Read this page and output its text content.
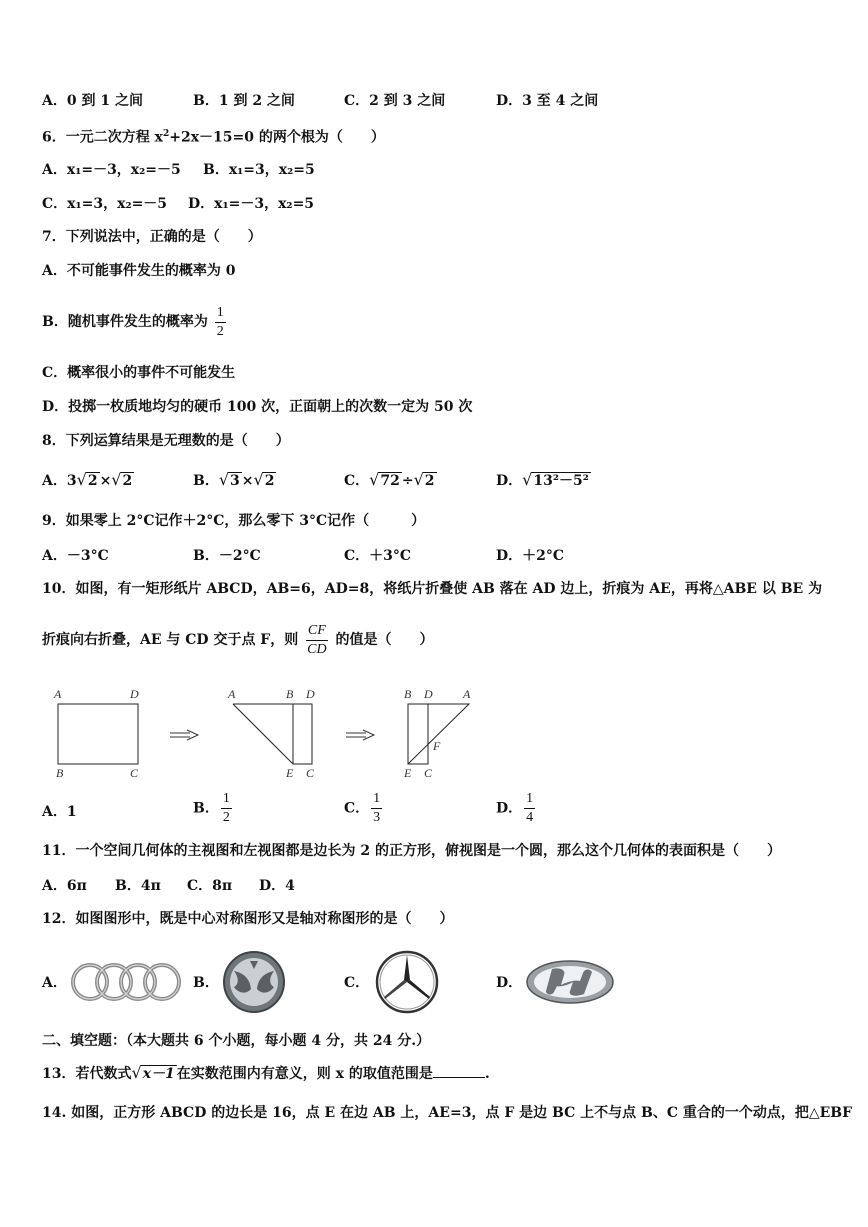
A．0 到 1 之间	B．1 到 2 之间	C．2 到 3 之间	D．3 至 4 之间
6．一元二次方程 $x^2+2x-15=0$ 的两个根为（　　）
A．x₁=－3，x₂=－5 B．x₁=3，x₂=5
C．x₁=3，x₂=－5 D．x₁=－3，x₂=5
7．下列说法中，正确的是（　　）
A．不可能事件发生的概率为 0
B．随机事件发生的概率为 $\frac{1}{2}$
C．概率很小的事件不可能发生
D．投掷一枚质地均匀的硬币 100 次，正面朝上的次数一定为 50 次
8．下列运算结果是无理数的是（　　）
A．3√2 ×√2	B．√3 ×√2	C．√72 ÷√2	D．√13²－5²
9．如果零上 2°C记作＋2°C，那么零下 3°C记作（　　　）
A．－3°C	B．－2°C	C．＋3°C	D．＋2°C
10．如图，有一矩形纸片 ABCD，AB=6，AD=8，将纸片折叠使 AB 落在 AD 边上，折痕为 AE，再将△ABE 以 BE 为
折痕向右折叠，AE 与 CD 交于点 F，则 $\frac{CF}{CD}$ 的值是（　　）
A	D
B	C
A	B D
E C
B D	A
F
E C
A．1	B． $\frac{1}{2}$	C． $\frac{1}{3}$	D． $\frac{1}{4}$
11．一个空间几何体的主视图和左视图都是边长为 2 的正方形，俯视图是一个圆，那么这个几何体的表面积是（　　）
A．6π B．4π C．8π D．4
12．如图图形中，既是中心对称图形又是轴对称图形的是（　　）
A．	B．	C．	D．
二、填空题：（本大题共 6 个小题，每小题 4 分，共 24 分.）
13．若代数式√x－1 在实数范围内有意义，则 x 的取值范围是	.
14. 如图，正方形 ABCD 的边长是 16，点 E 在边 AB 上，AE=3，点 F 是边 BC 上不与点 B、C 重合的一个动点，把△EBF
